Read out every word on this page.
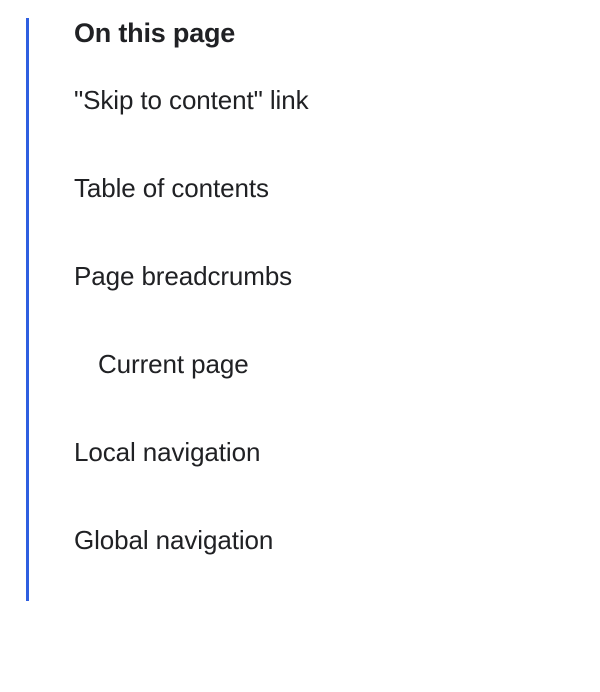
On this page
"Skip to content" link
Table of contents
Page breadcrumbs
Current page
Local navigation
Global navigation
